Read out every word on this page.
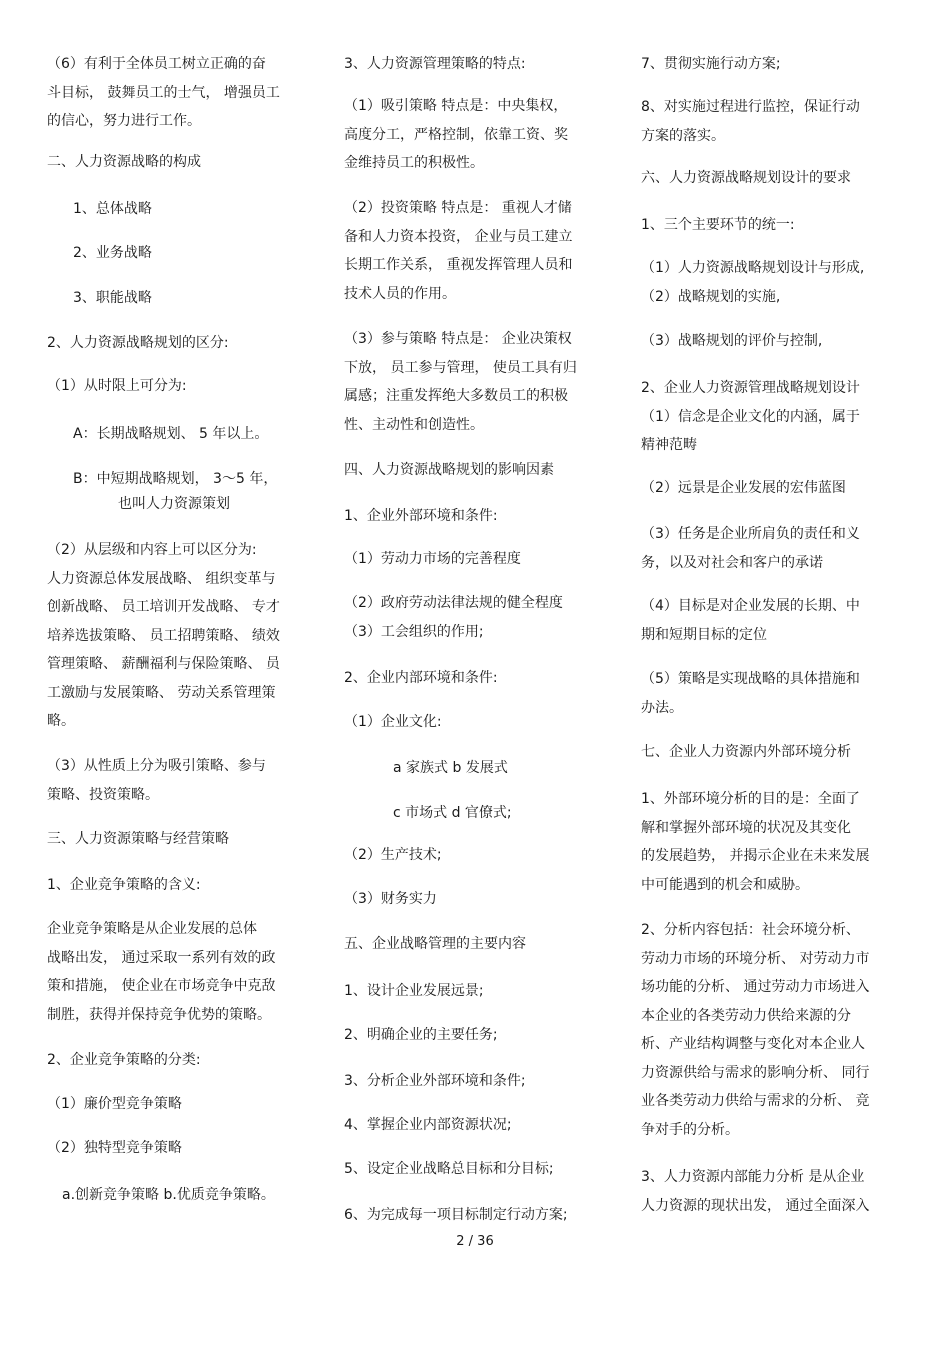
（6）有利于全体员工树立正确的奋
斗目标， 鼓舞员工的士气， 增强员工
的信心，努力进行工作。
二、人力资源战略的构成
1、总体战略
2、业务战略
3、职能战略
2、人力资源战略规划的区分:
（1）从时限上可分为:
A：长期战略规划、 5 年以上。
B：中短期战略规划， 3～5 年，
也叫人力资源策划
（2）从层级和内容上可以区分为:
人力资源总体发展战略、 组织变革与
创新战略、 员工培训开发战略、 专才
培养选拔策略、 员工招聘策略、 绩效
管理策略、 薪酬福利与保险策略、 员
工激励与发展策略、 劳动关系管理策
略。
（3）从性质上分为吸引策略、参与
策略、投资策略。
三、人力资源策略与经营策略
1、企业竞争策略的含义:
企业竞争策略是从企业发展的总体
战略出发， 通过采取一系列有效的政
策和措施， 使企业在市场竞争中克敌
制胜，获得并保持竞争优势的策略。
2、企业竞争策略的分类:
（1）廉价型竞争策略
（2）独特型竞争策略
a.创新竞争策略 b.优质竞争策略。
3、人力资源管理策略的特点:
（1）吸引策略 特点是：中央集权，
高度分工，严格控制，依靠工资、奖
金维持员工的积极性。
（2）投资策略 特点是： 重视人才储
备和人力资本投资， 企业与员工建立
长期工作关系， 重视发挥管理人员和
技术人员的作用。
（3）参与策略 特点是： 企业决策权
下放， 员工参与管理， 使员工具有归
属感；注重发挥绝大多数员工的积极
性、主动性和创造性。
四、人力资源战略规划的影响因素
1、企业外部环境和条件:
（1）劳动力市场的完善程度
（2）政府劳动法律法规的健全程度
（3）工会组织的作用;
2、企业内部环境和条件:
（1）企业文化:
a 家族式 b 发展式
c 市场式 d 官僚式;
（2）生产技术;
（3）财务实力
五、企业战略管理的主要内容
1、设计企业发展远景;
2、明确企业的主要任务;
3、分析企业外部环境和条件;
4、掌握企业内部资源状况;
5、设定企业战略总目标和分目标;
6、为完成每一项目标制定行动方案;
7、贯彻实施行动方案;
8、对实施过程进行监控，保证行动
方案的落实。
六、人力资源战略规划设计的要求
1、三个主要环节的统一:
（1）人力资源战略规划设计与形成,
（2）战略规划的实施,
（3）战略规划的评价与控制,
2、企业人力资源管理战略规划设计
（1）信念是企业文化的内涵，属于
精神范畴
（2）远景是企业发展的宏伟蓝图
（3）任务是企业所肩负的责任和义
务，以及对社会和客户的承诺
（4）目标是对企业发展的长期、中
期和短期目标的定位
（5）策略是实现战略的具体措施和
办法。
七、企业人力资源内外部环境分析
1、外部环境分析的目的是：全面了
解和掌握外部环境的状况及其变化
的发展趋势， 并揭示企业在未来发展
中可能遇到的机会和威胁。
2、分析内容包括：社会环境分析、
劳动力市场的环境分析、 对劳动力市
场功能的分析、 通过劳动力市场进入
本企业的各类劳动力供给来源的分
析、产业结构调整与变化对本企业人
力资源供给与需求的影响分析、 同行
业各类劳动力供给与需求的分析、 竞
争对手的分析。
3、人力资源内部能力分析 是从企业
人力资源的现状出发， 通过全面深入
2 / 36
